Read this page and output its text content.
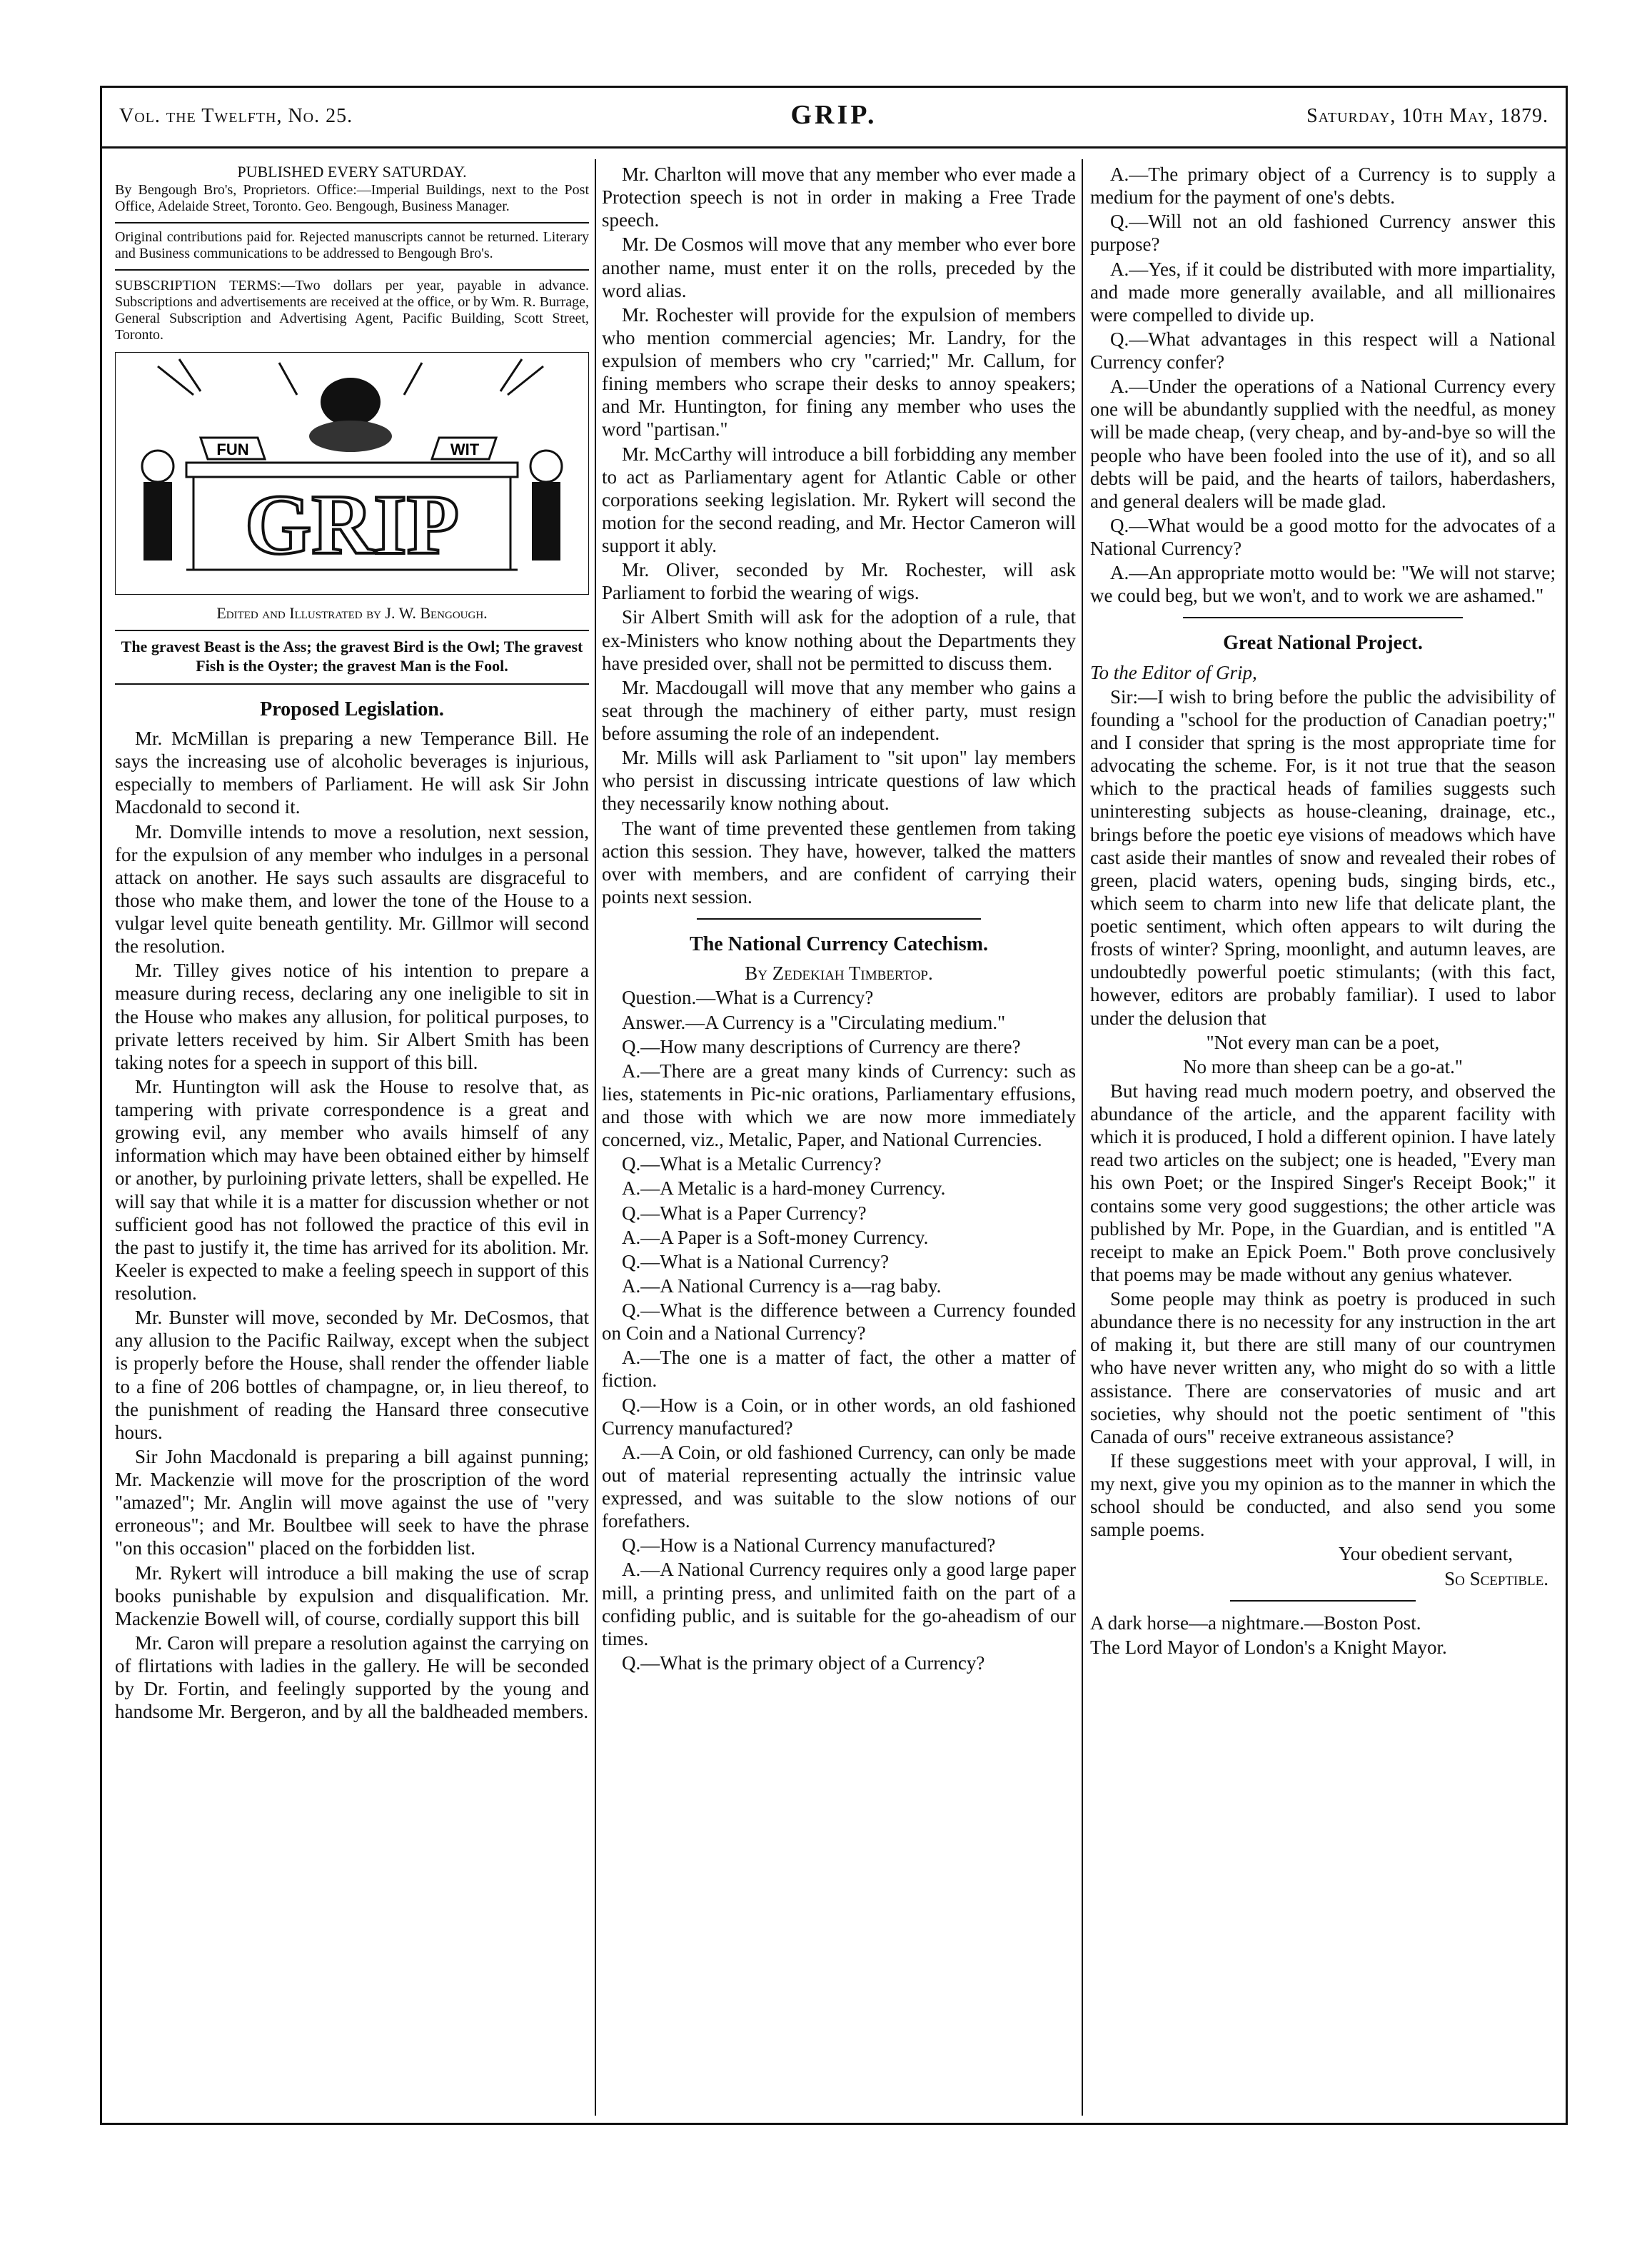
Vol. the Twelfth, No. 25.	GRIP.	Saturday, 10th May, 1879.

PUBLISHED EVERY SATURDAY.

By Bengough Bro's, Proprietors. Office:—Imperial Buildings, next to the Post Office, Adelaide Street, Toronto. Geo. Bengough, Business Manager.

Original contributions paid for. Rejected manuscripts cannot be returned. Literary and Business communications to be addressed to Bengough Bro's.

SUBSCRIPTION TERMS:—Two dollars per year, payable in advance. Subscriptions and advertisements are received at the office, or by Wm. R. Burrage, General Subscription and Advertising Agent, Pacific Building, Scott Street, Toronto.

FUN	WIT
GRIP

Edited and Illustrated by J. W. Bengough.

The gravest Beast is the Ass; the gravest Bird is the Owl; The gravest Fish is the Oyster; the gravest Man is the Fool.

Proposed Legislation.

Mr. McMillan is preparing a new Temperance Bill. He says the increasing use of alcoholic beverages is injurious, especially to members of Parliament. He will ask Sir John Macdonald to second it.

Mr. Domville intends to move a resolution, next session, for the expulsion of any member who indulges in a personal attack on another. He says such assaults are disgraceful to those who make them, and lower the tone of the House to a vulgar level quite beneath gentility. Mr. Gillmor will second the resolution.

Mr. Tilley gives notice of his intention to prepare a measure during recess, declaring any one ineligible to sit in the House who makes any allusion, for political purposes, to private letters received by him. Sir Albert Smith has been taking notes for a speech in support of this bill.

Mr. Huntington will ask the House to resolve that, as tampering with private correspondence is a great and growing evil, any member who avails himself of any information which may have been obtained either by himself or another, by purloining private letters, shall be expelled. He will say that while it is a matter for discussion whether or not sufficient good has not followed the practice of this evil in the past to justify it, the time has arrived for its abolition. Mr. Keeler is expected to make a feeling speech in support of this resolution.

Mr. Bunster will move, seconded by Mr. DeCosmos, that any allusion to the Pacific Railway, except when the subject is properly before the House, shall render the offender liable to a fine of 206 bottles of champagne, or, in lieu thereof, to the punishment of reading the Hansard three consecutive hours.

Sir John Macdonald is preparing a bill against punning; Mr. Mackenzie will move for the proscription of the word "amazed"; Mr. Anglin will move against the use of "very erroneous"; and Mr. Boultbee will seek to have the phrase "on this occasion" placed on the forbidden list.

Mr. Rykert will introduce a bill making the use of scrap books punishable by expulsion and disqualification. Mr. Mackenzie Bowell will, of course, cordially support this bill

Mr. Caron will prepare a resolution against the carrying on of flirtations with ladies in the gallery. He will be seconded by Dr. Fortin, and feelingly supported by the young and handsome Mr. Bergeron, and by all the baldheaded members.

Mr. Charlton will move that any member who ever made a Protection speech is not in order in making a Free Trade speech.

Mr. De Cosmos will move that any member who ever bore another name, must enter it on the rolls, preceded by the word alias.

Mr. Rochester will provide for the expulsion of members who mention commercial agencies; Mr. Landry, for the expulsion of members who cry "carried;" Mr. Callum, for fining members who scrape their desks to annoy speakers; and Mr. Huntington, for fining any member who uses the word "partisan."

Mr. McCarthy will introduce a bill forbidding any member to act as Parliamentary agent for Atlantic Cable or other corporations seeking legislation. Mr. Rykert will second the motion for the second reading, and Mr. Hector Cameron will support it ably.

Mr. Oliver, seconded by Mr. Rochester, will ask Parliament to forbid the wearing of wigs.

Sir Albert Smith will ask for the adoption of a rule, that ex-Ministers who know nothing about the Departments they have presided over, shall not be permitted to discuss them.

Mr. Macdougall will move that any member who gains a seat through the machinery of either party, must resign before assuming the role of an independent.

Mr. Mills will ask Parliament to "sit upon" lay members who persist in discussing intricate questions of law which they necessarily know nothing about.

The want of time prevented these gentlemen from taking action this session. They have, however, talked the matters over with members, and are confident of carrying their points next session.

The National Currency Catechism.

By Zedekiah Timbertop.

Question.—What is a Currency?

Answer.—A Currency is a "Circulating medium."

Q.—How many descriptions of Currency are there?

A.—There are a great many kinds of Currency: such as lies, statements in Pic-nic orations, Parliamentary effusions, and those with which we are now more immediately concerned, viz., Metalic, Paper, and National Currencies.

Q.—What is a Metalic Currency?

A.—A Metalic is a hard-money Currency.

Q.—What is a Paper Currency?

A.—A Paper is a Soft-money Currency.

Q.—What is a National Currency?

A.—A National Currency is a—rag baby.

Q.—What is the difference between a Currency founded on Coin and a National Currency?

A.—The one is a matter of fact, the other a matter of fiction.

Q.—How is a Coin, or in other words, an old fashioned Currency manufactured?

A.—A Coin, or old fashioned Currency, can only be made out of material representing actually the intrinsic value expressed, and was suitable to the slow notions of our forefathers.

Q.—How is a National Currency manufactured?

A.—A National Currency requires only a good large paper mill, a printing press, and unlimited faith on the part of a confiding public, and is suitable for the go-aheadism of our times.

Q.—What is the primary object of a Currency?

A.—The primary object of a Currency is to supply a medium for the payment of one's debts.

Q.—Will not an old fashioned Currency answer this purpose?

A.—Yes, if it could be distributed with more impartiality, and made more generally available, and all millionaires were compelled to divide up.

Q.—What advantages in this respect will a National Currency confer?

A.—Under the operations of a National Currency every one will be abundantly supplied with the needful, as money will be made cheap, (very cheap, and by-and-bye so will the people who have been fooled into the use of it), and so all debts will be paid, and the hearts of tailors, haberdashers, and general dealers will be made glad.

Q.—What would be a good motto for the advocates of a National Currency?

A.—An appropriate motto would be: "We will not starve; we could beg, but we won't, and to work we are ashamed."

Great National Project.

To the Editor of Grip,

Sir:—I wish to bring before the public the advisibility of founding a "school for the production of Canadian poetry;" and I consider that spring is the most appropriate time for advocating the scheme. For, is it not true that the season which to the practical heads of families suggests such uninteresting subjects as house-cleaning, drainage, etc., brings before the poetic eye visions of meadows which have cast aside their mantles of snow and revealed their robes of green, placid waters, opening buds, singing birds, etc., which seem to charm into new life that delicate plant, the poetic sentiment, which often appears to wilt during the frosts of winter? Spring, moonlight, and autumn leaves, are undoubtedly powerful poetic stimulants; (with this fact, however, editors are probably familiar). I used to labor under the delusion that

"Not every man can be a poet,

No more than sheep can be a go-at."

But having read much modern poetry, and observed the abundance of the article, and the apparent facility with which it is produced, I hold a different opinion. I have lately read two articles on the subject; one is headed, "Every man his own Poet; or the Inspired Singer's Receipt Book;" it contains some very good suggestions; the other article was published by Mr. Pope, in the Guardian, and is entitled "A receipt to make an Epick Poem." Both prove conclusively that poems may be made without any genius whatever.

Some people may think as poetry is produced in such abundance there is no necessity for any instruction in the art of making it, but there are still many of our countrymen who have never written any, who might do so with a little assistance. There are conservatories of music and art societies, why should not the poetic sentiment of "this Canada of ours" receive extraneous assistance?

If these suggestions meet with your approval, I will, in my next, give you my opinion as to the manner in which the school should be conducted, and also send you some sample poems.

Your obedient servant,

So Sceptible.

A dark horse—a nightmare.—Boston Post.

The Lord Mayor of London's a Knight Mayor.
